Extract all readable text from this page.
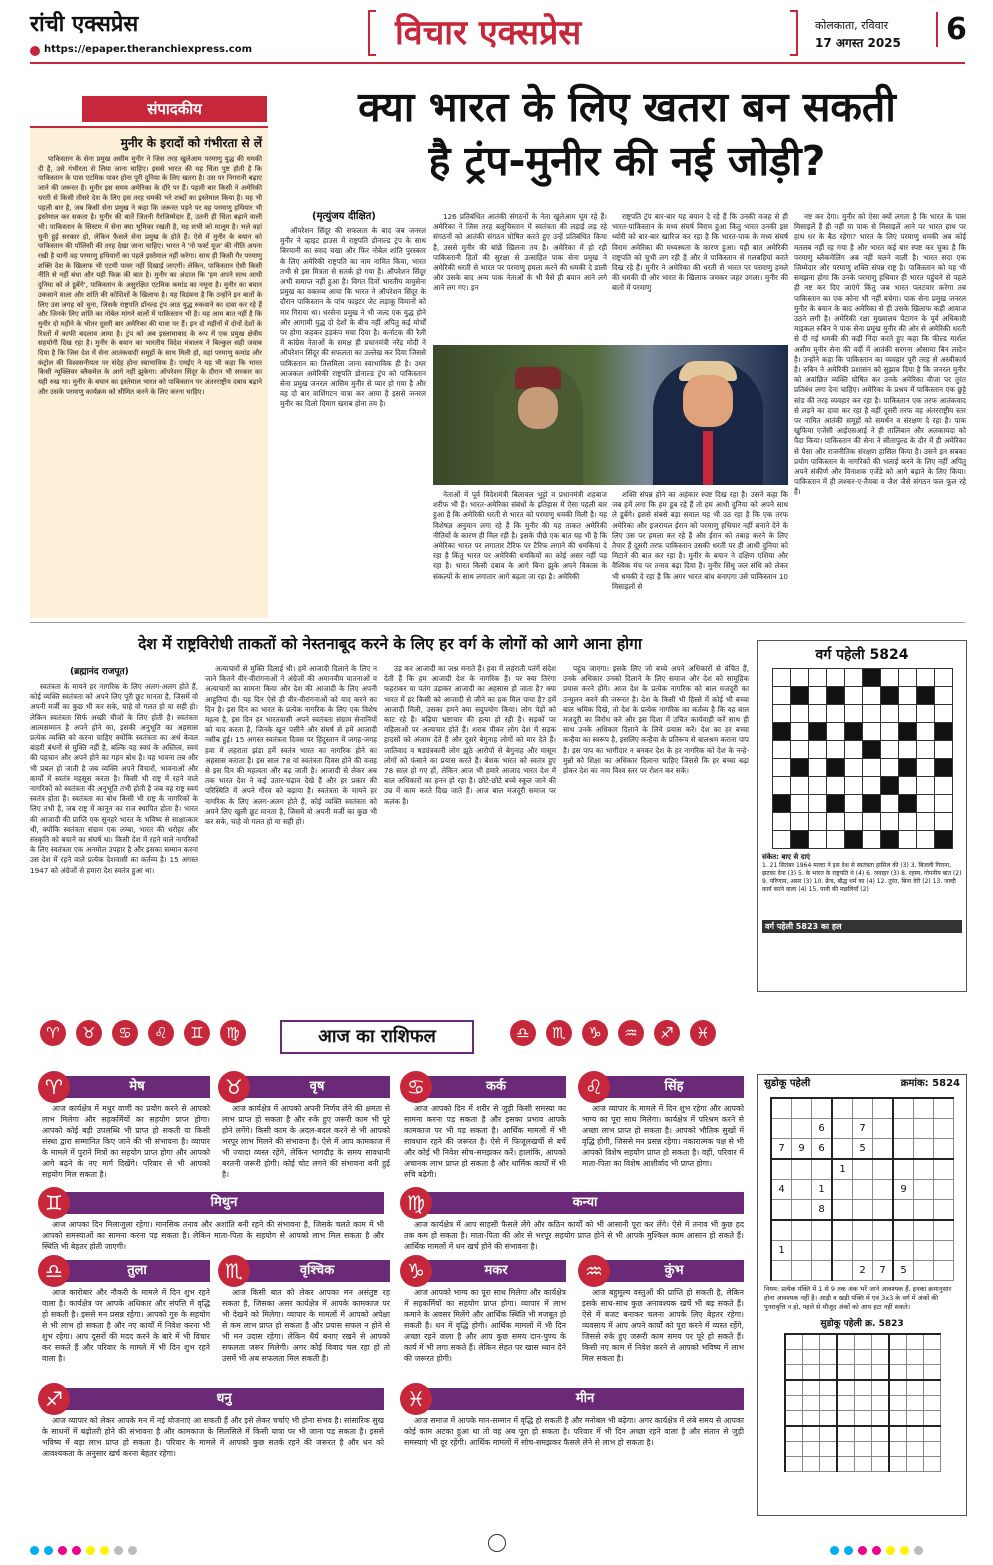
रांची एक्सप्रेस
https://epaper.theranchiexpress.com	विचार एक्सप्रेस	कोलकाता, रविवार
17 अगस्त 2025	6
संपादकीय
मुनीर के इरादों को गंभीरता से लें

पाकिस्तान के सेना प्रमुख असीम मुनीर ने जिस तरह खुलेआम परमाणु युद्ध की धमकी दी है, उसे गंभीरता से लिया जाना चाहिए। इससे भारत की यह चिंता पुष्ट होती है कि पाकिस्तान के पास एटमिक पावर होना पूरी दुनिया के लिए खतरा है। उस पर निगरानी बढ़ाए जाने की जरूरत है। मुनीर इस समय अमेरिका के दौरे पर हैं। पहली बार किसी ने अमेरिकी धरती से किसी तीसरे देश के लिए इस तरह धमकी भरे शब्दों का इस्तेमाल किया है। यह भी पहली बार है, जब किसी सेना प्रमुख ने कहा कि जरूरत पड़ने पर वह परमाणु हथियार भी इस्तेमाल कर सकता है। मुनीर की बातें जितनी गैरजिम्मेदार हैं, उतनी ही चिंता बढ़ाने वाली भी। पाकिस्तान के सिस्टम में सेना क्या भूमिका रखती है, यह सभी को मालूम है। भले वहां चुनी हुई सरकार हो, लेकिन फैसले सेना प्रमुख के होते हैं। ऐसे में मुनीर के बयान को पाकिस्तान की पॉलिसी की तरह देखा जाना चाहिए। भारत ने 'नो फर्स्ट यूज' की नीति अपना रखी है यानी वह परमाणु हथियारों का पहले इस्तेमाल नहीं करेगा। साथ ही किसी गैर परमाणु शक्ति देश के खिलाफ भी एटमी पावर नहीं दिखाई जाएगी। लेकिन, पाकिस्तान ऐसी किसी नीति से नहीं बंधा और यही फिक्र की बात है। मुनीर का अंदाज कि 'हम अपने साथ आधी दुनिया को ले डूबेंगे', पाकिस्तान के असुरक्षित एटमिक कमांड का नमूना है। मुनीर का बयान उकसाने वाला और शांति की कोशिशों के खिलाफ है। यह विडंबना है कि उन्होंने इन बातों के लिए उस जगह को चुना, जिसके राष्ट्रपति डॉनल्ड ट्रंप आठ युद्ध रुकवाने का दावा कर रहे हैं और जिनके लिए शांति का नोबेल मांगने वालों में पाकिस्तान भी है। यह आम बात नहीं है कि मुनीर दो महीने के भीतर दूसरी बार अमेरिका की यात्रा पर हैं। इन दो महीनों में दोनों देशों के रिश्तों में काफी बदलाव आया है। ट्रंप को अब इस्लामाबाद के रूप में एक प्रमुख क्षेत्रीय सहयोगी दिख रहा है। मुनीर के बयान का भारतीय विदेश मंत्रालय ने बिल्कुल सही जवाब दिया है कि जिस देश में सेना आतंकवादी समूहों के साथ मिली हो, वहां परमाणु कमांड और कंट्रोल की विश्वसनीयता पर संदेह होना स्वाभाविक है। एमईए ने यह भी कहा कि भारत किसी न्यूक्लियर ब्लैकमेल के आगे नहीं झुकेगा। ऑपरेशन सिंदूर के दौरान भी सरकार का यही रुख था। मुनीर के बयान का इस्तेमाल भारत को पाकिस्तान पर अंतरराष्ट्रीय दबाव बढ़ाने और उसके परमाणु कार्यक्रम को सीमित करने के लिए करना चाहिए।

क्या भारत के लिए खतरा बन सकती
है ट्रंप-मुनीर की नई जोड़ी?
(मृत्युंजय दीक्षित)

ऑपरेशन सिंदूर की सफलता के बाद जब जनरल मुनीर ने व्हाइट हाउस में राष्ट्रपति डोनाल्ड ट्रंप के साथ बिरयानी का स्वाद चखा और फिर नोबेल शांति पुरस्कार के लिए अमेरिकी राष्ट्रपति का नाम नामित किया, भारत तभी से इस मित्रता से सतर्क हो गया है। ऑपरेशन सिंदूर अभी समाप्त नहीं हुआ है। विगत दिनों भारतीय वायुसेना प्रमुख का वक्तव्य आया कि भारत ने ऑपरेशन सिंदूर के दौरान पाकिस्तान के पांच फाइटर जेट लड़ाकू विमानों को मार गिराया था। धरसेना प्रमुख ने भी जल्द एक युद्ध होने और आगामी युद्ध दो देशों के बीच नहीं अपितु कई मोर्चों पर होगा कहकर हड़कंप मचा दिया है। कर्नाटक की रैली में कांग्रेस नेताओं के समक्ष ही प्रधानमंत्री नरेंद्र मोदी ने ऑपरेशन सिंदूर की सफलता का उल्लेख कर दिया जिससे पाकिस्तान का तिलमिला जाना स्वाभाविक ही है। उधर आजकल अमेरिकी राष्ट्रपति डोनाल्ड ट्रंप को पाकिस्तान सेना प्रमुख जनरल आसिम मुनीर से प्यार हो गया है और वह दो बार वाशिंगटन यात्रा कर आया है इससे जनरल मुनीर का दिलो दिमाग खराब होना तय है।

126 प्रतिबंधित आतंकी संगठनों के नेता खुलेआम घूम रहे हैं। अमेरिका ने जिस तरह बलूचिस्तान में स्वतंत्रता की लड़ाई लड़ रहे संगठनों को आतंकी संगठन घोषित करते हुए उन्हें प्रतिबंधित किया है, उससे मुनीर की बांछें खिलना तय है। अमेरिका में हो रही पाकिस्तानी हितों की सुरक्षा से उत्साहित पाक सेना प्रमुख ने अमेरिकी धरती से भारत पर परमाणु हमला करने की धमकी दे डाली और उसके बाद अन्य पाक नेताओं के भी वैसे ही बयान आने लगे आने लग गए। इन

राष्ट्रपति ट्रंप बार-बार यह बयान दे रहे हैं कि उनकी वजह से ही भारत-पाकिस्तान के मध्य संघर्ष विराम हुआ किंतु भारत उनकी इस थ्योरी को बार-बार खारिज कर रहा है कि भारत-पाक के मध्य संघर्ष विराम अमेरिका की मध्यस्थता के कारण हुआ। यही बात अमेरिकी राष्ट्रपति को चुभी लग रही है और वे पाकिस्तान से गलबहियां करते दिख रहे हैं। मुनीर ने अमेरिका की धरती से भारत पर परमाणु हमले की धमकी दी और भारत के खिलाफ जमकर जहर उगला। मुनीर की बातों में परमाणु

नेताओं में पूर्व विदेशमंत्री बिलावल भुट्टो व प्रधानमंत्री शहबाज शरीफ भी हैं। भारत-अमेरिका संबंधों के इतिहास में ऐसा पहली बार हुआ है कि अमेरिकी धरती से भारत को परमाणु धमकी मिली है। यह विशेषज्ञ अनुमान लगा रहे हैं कि मुनीर की यह ताकत अमेरिकी नीतियों के कारण ही मिल रही है। इसके पीछे एक बात यह भी है कि अमेरिका भारत पर लगातार टैरिफ पर टैरिफ लगाने की धमकियां दे रहा है किंतु भारत पर अमेरिकी धमकियों का कोई असर नहीं पड़ रहा है। भारत किसी दबाव के आगे बिना झुके अपने विकास के संकल्पों के साथ लगातार आगे बढ़ता जा रहा है। अमेरिकी

शक्ति संपन्न होने का अहंकार स्पष्ट दिख रहा है। उसने कहा कि जब हमें लगा कि हम डूब रहे हैं तो हम आधी दुनिया को अपने साथ ले डूबेंगे। इससे संबसे बड़ा सवाल यह भी उठ रहा है कि एक तरफ अमेरिका और इजरायल ईरान को परमाणु हथियार नहीं बनाने देने के लिए उस पर हमला कर रहे हैं और ईरान को तबाह करने के लिए तैयार हैं दूसरी तरफ पाकिस्तान उसकी धरती पर ही आधी दुनिया को मिटाने की बात कर रहा है। मुनीर के बयान ने दक्षिण एशिया और वैश्विक मंच पर तनाव बढ़ा दिया है। मुनीर सिंधु जल संधि को लेकर भी धमकी दे रहा है कि अगर भारत बांध बनाएगा उसे पाकिस्तान 10 मिसाइलों से

नष्ट कर देगा। मुनीर को ऐसा क्यों लगता है कि भारत के पास मिसाइलें हैं ही नहीं या पाक से मिसाइलें आने पर भारत हाथ पर हाथ धर के बैठ रहेगा? भारत के लिए परमाणु धमकी अब कोई मतलब नहीं रह गया है और भारत कई बार स्पष्ट कर चुका है कि परमाणु ब्लैकमेलिंग अब नहीं चलने वाली है। भारत सदा एक जिम्मेदार और परमाणु शक्ति संपन्न राष्ट्र है। पाकिस्तान को यह भी समझना होगा कि उनके परमाणु हथियार ही भारत पहुंचने से पहले ही नष्ट कर दिए जाएंगे किंतु जब भारत पलटवार करेगा तब पाकिस्तान का एक कोना भी नहीं बचेगा। पाक सेना प्रमुख जनरल मुनीर के बयान के बाद अमेरिका से ही उसके खिलाफ कड़ी आवाज उठने लगी है। अमेरिकी रक्षा मुख्यालय पेंटागन के पूर्व अधिकारी माइकल रुबिन ने पाक सेना प्रमुख मुनीर की ओर से अमेरिकी धरती से दी गई धमकी की कड़ी निंदा करते हुए कहा कि फील्ड मार्शल असीम मुनीर सेना की वर्दी में आतंकी सरगना ओसामा बिन लादेन है। उन्होंने कहा कि पाकिस्तान का व्यवहार पूरी तरह से अस्वीकार्य है। रुबिन ने अमेरिकी प्रशासन को सुझाव दिया है कि जनरल मुनीर को अवांछित व्यक्ति घोषित कर उनके अमेरिका वीजा पर तुरंत प्रतिबंध लगा देना चाहिए। अमेरिका के प्रश्रय में पाकिस्तान एक छुट्टे सांड की तरह व्यवहार कर रहा है। पाकिस्तान एक तरफ आतंकवाद से लड़ने का दावा कर रहा है वहीं दूसरी तरफ वह अंतरराष्ट्रीय स्तर पर नामित आतंकी समूहों को समर्थन व संरक्षण दे रहा है। पाक खुफिया एजेंसी आईएसआई ने ही तालिबान और अलकायदा को पैदा किया। पाकिस्तान की सेना ने सीतापुल्ड के दौर में ही अमेरिका से पैसा और राजनीतिक संरक्षण हासिल किया है। उसने इन सबका प्रयोग पाकिस्तान के नागरिकों की भलाई करने के लिए नहीं अपितु अपने संकीर्ण और विनाशक एजेंडे को आगे बढ़ाने के लिए किया। पाकिस्तान में ही लश्कर-ए-तैयबा व जैश जैसे संगठन फल फूल रहे हैं।

देश में राष्ट्रविरोधी ताकतों को नेस्तनाबूद करने के लिए हर वर्ग के लोगों को आगे आना होगा
(ब्रह्मानंद राजपूत)

स्वतंत्रता के मायने हर नागरिक के लिए अलग-अलग होते हैं, कोई व्यक्ति स्वतंत्रता को अपने लिए पूरी छूट मानता है, जिसमें वो अपनी मर्जी का कुछ भी कर सके, चाहे वो गलत हो या सही हो। लेकिन स्वतंत्रता सिर्फ अच्छी चीजों के लिए होती है। स्वतंत्रता आत्मसम्मान है अपने होने का, इसकी अनुभूति का अहसास प्रत्येक व्यक्ति को करना चाहिए क्योंकि स्वतंत्रता का अर्थ केवल बाहरी बंधनों से मुक्ति नहीं है, बल्कि यह स्वयं के अस्तित्व, स्वयं की पहचान और अपने होने का गहन बोध है। यह भावना तब और भी प्रबल हो जाती है जब व्यक्ति अपने विचारों, भावनाओं और कार्यों में स्वतंत्र महसूस करता है। किसी भी राष्ट्र में रहने वाले नागरिकों को स्वतंत्रता की अनुभूति तभी होती है जब वह राष्ट्र स्वयं स्वतंत्र होता है। स्वतंत्रता का बोध किसी भी राष्ट्र के नागरिकों के लिए तभी है, जब राष्ट्र में कानून का राज स्थापित होता है। भारत की आजादी की प्राप्ति एक सुनहरे भारत के भविष्य से साक्षात्कार थी, क्योंकि स्वतंत्रता संग्राम एक लम्बा, भारत की धरोहर और संस्कृति को बचाने का संघर्ष था। किसी देश में रहने वाले नागरिकों के लिए स्वतंत्रता एक अनमोल उपहार है और इसका सम्मान करना उस देश में रहने वाले प्रत्येक देशवासी का कर्तव्य है। 15 अगस्त 1947 को अंग्रेजों से हमारा देश स्वतंत्र हुआ था।

अत्याचारों से मुक्ति दिलाई थी। हमें आजादी दिलाने के लिए न जाने कितने वीर-वीरांगनाओं ने अंग्रेजों की अमानवीय यातनाओं व अत्याचारों का सामना किया और देश की आजादी के लिए अपनी आहुतियां दी। यह दिन ऐसे ही वीर-वीरांगनाओं को याद करने का दिन है। इस दिन का भारत के प्रत्येक नागरिक के लिए एक विशेष महत्व है, इस दिन हर भारतवासी अपने स्वतंत्रता संग्राम सेनानियों को याद करता है, जिनके खून पसीने और संघर्ष से हमें आजादी नसीब हुई। 15 अगस्त स्वतंत्रता दिवस पर हिंदुस्तान में जगह-जगह हवा में लहराता झंडा हमें स्वतंत्र भारत का नागरिक होने का अहसास कराता है। इस साल 78 वां स्वतंत्रता दिवस होने की वजह से इस दिन की महत्वता और बढ़ जाती है। आजादी से लेकर अब तक भारत देश ने कई उतार-चढ़ाव देखे हैं और हर प्रकार की परिस्थिति में अपने गौरव को बढ़ाया है। स्वतंत्रता के मायने हर नागरिक के लिए अलग-अलग होते हैं, कोई व्यक्ति स्वतंत्रता को अपने लिए खुली छूट मानता है, जिसमें वो अपनी मर्जी का कुछ भी कर सके, चाहे वो गलत हो या सही हो।

उड़ कर आजादी का जश्न मनाते हैं। हवा में लहराती पतंगें संदेश देती हैं कि हम आजादी देश के नागरिक हैं। पर क्या तिरंगा फहराकर या पतंग उड़ाकर आजादी का अहसास हो जाता है? क्या भारत में हर किसी को आजादी से जीने का हक मिल पाया है? हमें आजादी मिली, उसका हमने क्या सदुपयोग किया। लोग पेड़ों को काट रहे हैं। बढ़िया भ्रष्टाचार की हत्या हो रही है। सड़कों पर महिलाओं पर अत्याचार होते हैं। शराब पीकर लोग देश में सड़क हादसों को अंजाम देते हैं और दूसरे बेगुनाह लोगों को मार देते हैं। जातिवाद व षड्यंत्रकारी लोग झूठे आरोपों से बेगुनाह और मासूम लोगों को फंसाने का प्रयास करते हैं। बेशक भारत को स्वतंत्र हुए 78 साल हो गए हों, लेकिन आज भी हमारे आजाद भारत देश में बाल अधिकारों का हनन हो रहा है। छोटे-छोटे बच्चे स्कूल जाने की उम्र में काम करते दिख जाते हैं। आज बाल मजदूरी समाज पर कलंक है।

पहुंच जाएगा। इसके लिए जो बच्चे अपने अधिकारों से वंचित हैं, उनके अधिकार उनको दिलाने के लिए समाज और देश को सामूहिक प्रयास करने होंगे। आज देश के प्रत्येक नागरिक को बाल मजदूरी का उन्मूलन करने की जरूरत है। देश के किसी भी हिस्से में कोई भी बच्चा बाल श्रमिक दिखे, तो देश के प्रत्येक नागरिक का कर्तव्य है कि वह बाल मजदूरी का विरोध करे और इस दिशा में उचित कार्यवाही करें साथ ही साथ उनके अधिकार दिलाने के लिये प्रयास करें। देश का हर बच्चा कन्हैया का स्वरूप है, इसलिए कन्हैया के प्रतिरूप से बालश्रम कराना पाप है। इस पाप का भागीदार न बनकर देश के हर नागरिक को देश के नन्हे-मुन्नों को शिक्षा का अधिकार दिलाना चाहिए जिससे कि हर बच्चा बढ़ा होकर देश का नाम विश्व स्तर पर रोशन कर सके।

वर्ग पहेली 5824

संकेत: बाए से दाएं
1. 21 सितंबर 1964 माल्टा ने इस देश से स्वतंत्रता हासिल की (3) 3. बिजली गिराना, झटका देना (3) 5. के भारत के राष्ट्रपति थे (4) 6. जवाहर (3) 8. रहस्य, गोपनीय बात (2) 9. परिणाम, असर (3) 10. फ्रेंच, बौद्ध धर्म का (4) 12. तुरंत, बिना देरी (2) 13. जल्दी कार्य करने वाला (4) 15. पानी की मछलियाँ (2)
वर्ग पहेली 5823 का हल
सुडोकू पहेली	क्रमांक: 5824

		6		7				
7	9	6		5				
			1					
4		1				9		
		8						

1								
				2	7	5		
नियम: प्रत्येक पंक्ति में 1 से 9 तक अंक भरें जाने आवश्यक हैं, इनका क्रमानुसार होना आवश्यक नहीं है। आड़ी व खड़ी पंक्ति में एवं 3x3 के वर्ग में अंकों की पुनरावृत्ति न हो, पहले से मौजूद अंकों को आप हटा नहीं सकते।
सुडोकू पहेली क्र. 5823

♈	♉	♋	♌	♊	♍	♎	♏	♑	♒	♐	♓
आज का राशिफल
मेष
♈

आज कार्यक्षेत्र में मधुर वाणी का प्रयोग करने से आपको लाभ मिलेगा और सहकर्मियों का सहयोग प्राप्त होगा। आपको कोई बड़ी उपलब्धि भी प्राप्त हो सकती या किसी संस्था द्वारा सम्मानित किए जाने की भी संभावना है। व्यापार के मामले में पुराने मित्रों का सहयोग प्राप्त होगा और आपको आगे बढ़ने के नए मार्ग दिखेंगे। परिवार से भी आपको सहयोग मिल सकता है।

वृष
♉

आज कार्यक्षेत्र में आपको अपनी निर्णय लेने की क्षमता से लाभ प्राप्त हो सकता है और रुके हुए जरूरी काम भी पूरे होने लगेंगे। किसी काम के अदल-बदल करने से भी आपको भरपूर लाभ मिलने की संभावना है। ऐसे में आप कामकाज में भी ज्यादा व्यस्त रहेंगे, लेकिन भागदौड़ के समय सावधानी बरतनी जरूरी होगी। कोई चोट लगने की संभावना बनी हुई है।

कर्क
♋

आज आपको दिन में शरीर से जुड़ी किसी समस्या का सामना करना पड़ सकता है और इसका प्रभाव आपके कामकाज पर भी पड़ सकता है। आर्थिक मामलों में भी सावधान रहने की जरूरत है। ऐसे में फिजूलखर्ची से बचें और कोई भी निवेश सोच-समझकर करें। हालांकि, आपको अचानक लाभ प्राप्त हो सकता है और धार्मिक कार्यों में भी रुचि बढ़ेगी।

सिंह
♌

आज व्यापार के मामले में दिन शुभ रहेगा और आपको भाग्य का पूरा साथ मिलेगा। कार्यक्षेत्र में परिश्रम करने से अच्छा लाभ प्राप्त हो सकता है। आपको भौतिक सुखों में वृद्धि होगी, जिससे मन प्रसन्न रहेगा। नकारात्मक पक्ष से भी आपको विशेष सहयोग प्राप्त हो सकता है। वहीं, परिवार में माता-पिता का विशेष आशीर्वाद भी प्राप्त होगा।

मिथुन
♊

आज आपका दिन मिलाजुला रहेगा। मानसिक तनाव और अशांति बनी रहने की संभावना है, जिसके चलते काम में भी आपको समस्याओं का सामना करना पड़ सकता है। लेकिन माता-पिता के सहयोग से आपको लाभ मिल सकता है और स्थिति भी बेहतर होती जाएगी।

कन्या
♍

आज कार्यक्षेत्र में आप साहसी फैसले लेंगे और कठिन कार्यों को भी आसानी पूरा कर लेंगे। ऐसे में तनाव भी कुछ हद तक कम हो सकता है। माता-पिता की ओर से भरपूर सहयोग प्राप्त होने से भी आपके मुश्किल काम आसान हो सकते हैं। आर्थिक मामलों में धन खर्च होने की संभावना है।

तुला
♎

आज कारोबार और नौकरी के मामले में दिन शुभ रहने वाला है। कार्यक्षेत्र पर आपके अधिकार और संपत्ति में वृद्धि हो सकती है। इससे मन प्रसन्न रहेगा। आपको गुरु के सहयोग से भी लाभ हो सकता है और नए कार्यों में निवेश करना भी शुभ रहेगा। आप दूसरों की मदद करने के बारे में भी विचार कर सकते हैं और परिवार के मामले में भी दिन शुभ रहने वाला है।

वृश्चिक
♏

आज किसी बात को लेकर आपका मन असंतुष्ट रह सकता है, जिसका असर कार्यक्षेत्र में आपके कामकाज पर भी देखने को मिलेगा। व्यापार के मामलों में आपको अपेक्षा से कम लाभ प्राप्त हो सकता है और प्रयास सफल न होने से भी मन उदास रहेगा। लेकिन धैर्य बनाए रखने से आपको सफलता जरूर मिलेगी। अगर कोई विवाद चल रहा हो तो उसमें भी अब सफलता मिल सकती है।

मकर
♑

आज आपको भाग्य का पूरा साथ मिलेगा और कार्यक्षेत्र में सहकर्मियों का सहयोग प्राप्त होगा। व्यापार में लाभ कमाने के अवसर मिलेंगे और आर्थिक स्थिति भी मजबूत हो सकती है। धन में वृद्धि होगी। आर्थिक मामलों में भी दिन अच्छा रहने वाला है और आप कुछ समय दान-पुण्य के कार्य में भी लगा सकते हैं। लेकिन सेहत पर खास ध्यान देने की जरूरत होगी।

कुंभ
♒

आज बहुमूल्य वस्तुओं की प्राप्ति हो सकती है, लेकिन इसके साथ-साथ कुछ अनावश्यक खर्चे भी बढ़ सकते हैं। ऐसे में बजट बनाकर चलना आपके लिए बेहतर रहेगा। व्यवसाय में आप अपने कार्यों को पूरा करने में व्यस्त रहेंगे, जिससे रुके हुए जरूरी काम समय पर पूरे हो सकते हैं। किसी नए काम में निवेश करने से आपको भविष्य में लाभ मिल सकता है।

धनु
♐

आज व्यापार को लेकर आपके मन में नई योजनाएं आ सकती हैं और इसे लेकर चर्चाएं भी होना संभव है। सांसारिक सुख के साधनों में बढ़ोतरी होने की संभावना है और कामकाज के सिलसिले में किसी यात्रा पर भी जाना पड़ सकता है। इससे भविष्य में बड़ा लाभ प्राप्त हो सकता है। परिवार के मामले में आपको कुछ सतर्क रहने की जरूरत है और धन को आवश्यकता के अनुसार खर्च करना बेहतर रहेगा।

मीन
♓

आज समाज में आपके मान-सम्मान में वृद्धि हो सकती है और मनोबल भी बढ़ेगा। अगर कार्यक्षेत्र में लंबे समय से आपका कोई काम अटका हुआ था तो वह अब पूरा हो सकता है। परिवार में भी दिन अच्छा रहने वाला है और संतान से जुड़ी समस्याएं भी दूर रहेंगी। आर्थिक मामलों में सोच-समझकर फैसले लेने से लाभ हो सकता है।
